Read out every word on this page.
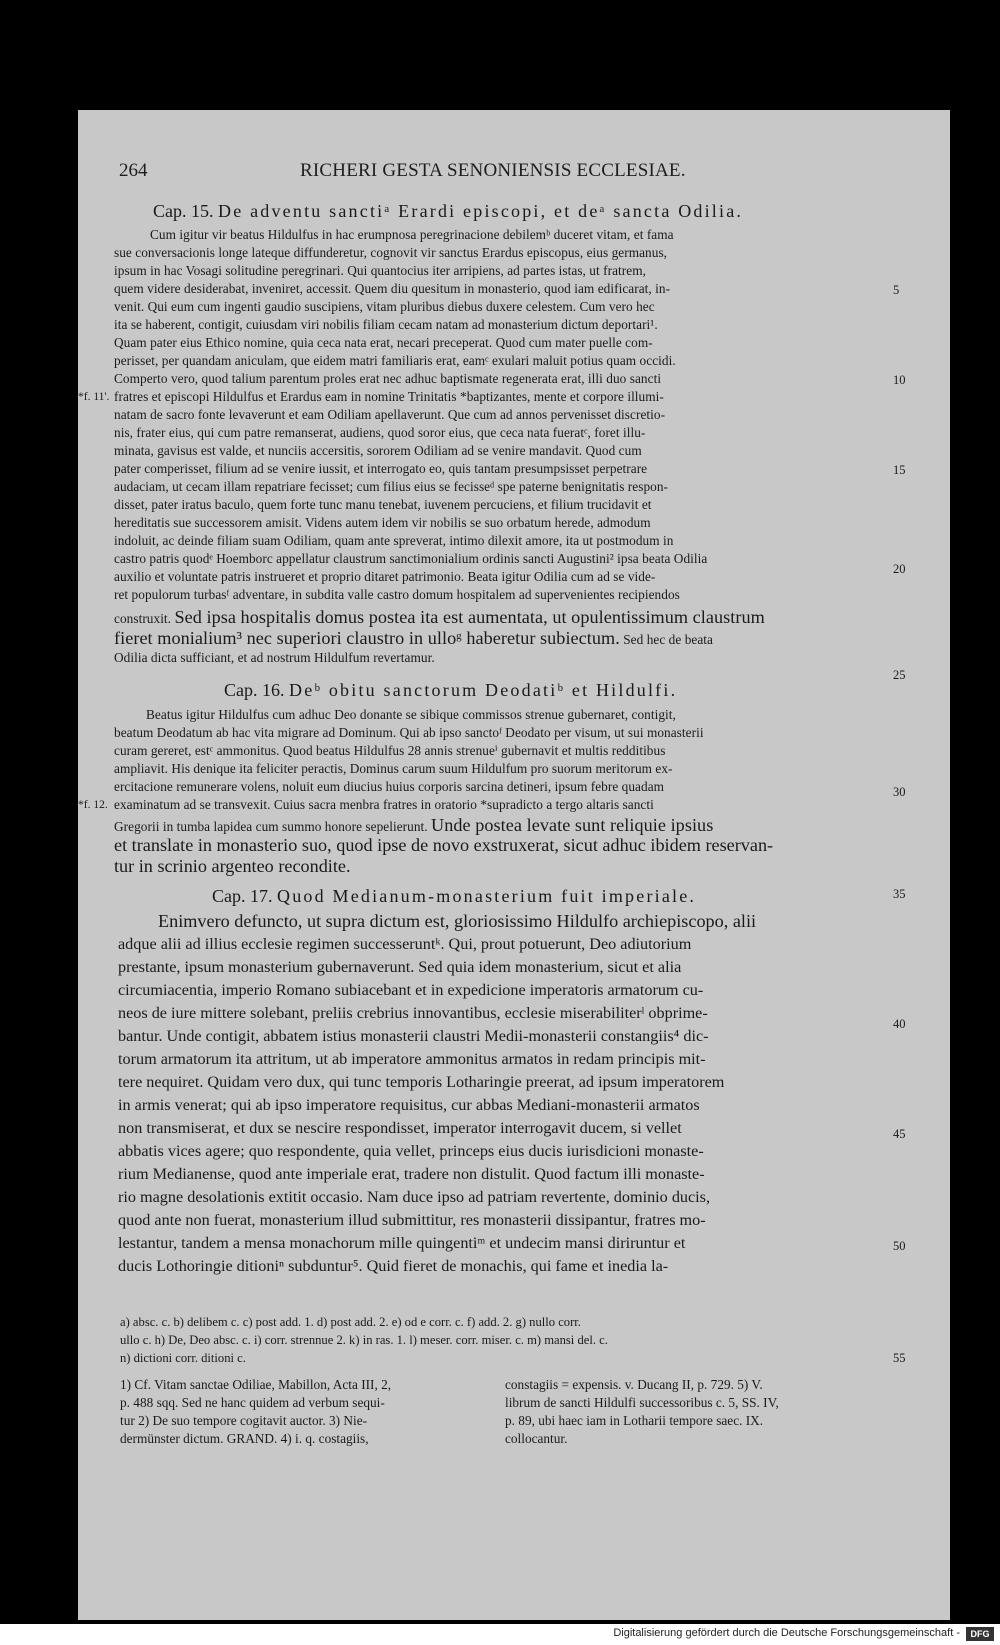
264	RICHERI GESTA SENONIENSIS ECCLESIAE.
Cap. 15. De adventu sanctiᵃ Erardi episcopi, et deᵃ sancta Odilia.
Cum igitur vir beatus Hildulfus in hac erumpnosa peregrinacione debilemᵇ duceret vitam, et fama
sue conversacionis longe lateque diffunderetur, cognovit vir sanctus Erardus episcopus, eius germanus,
ipsum in hac Vosagi solitudine peregrinari. Qui quantocius iter arripiens, ad partes istas, ut fratrem,
quem videre desiderabat, inveniret, accessit. Quem diu quesitum in monasterio, quod iam edificarat, in-
venit. Qui eum cum ingenti gaudio suscipiens, vitam pluribus diebus duxere celestem. Cum vero hec
ita se haberent, contigit, cuiusdam viri nobilis filiam cecam natam ad monasterium dictum deportari¹.
Quam pater eius Ethico nomine, quia ceca nata erat, necari preceperat. Quod cum mater puelle com-
perisset, per quandam aniculam, que eidem matri familiaris erat, eamᶜ exulari maluit potius quam occidi.
Comperto vero, quod talium parentum proles erat nec adhuc baptismate regenerata erat, illi duo sancti
fratres et episcopi Hildulfus et Erardus eam in nomine Trinitatis *baptizantes, mente et corpore illumi-
natam de sacro fonte levaverunt et eam Odiliam apellaverunt. Que cum ad annos pervenisset discretio-
nis, frater eius, qui cum patre remanserat, audiens, quod soror eius, que ceca nata fueratᶜ, foret illu-
minata, gavisus est valde, et nunciis accersitis, sororem Odiliam ad se venire mandavit. Quod cum
pater comperisset, filium ad se venire iussit, et interrogato eo, quis tantam presumpsisset perpetrare
audaciam, ut cecam illam repatriare fecisset; cum filius eius se fecisseᵈ spe paterne benignitatis respon-
disset, pater iratus baculo, quem forte tunc manu tenebat, iuvenem percuciens, et filium trucidavit et
hereditatis sue successorem amisit. Videns autem idem vir nobilis se suo orbatum herede, admodum
indoluit, ac deinde filiam suam Odiliam, quam ante spreverat, intimo dilexit amore, ita ut postmodum in
castro patris quodᵉ Hoemborc appellatur claustrum sanctimonialium ordinis sancti Augustini² ipsa beata Odilia
auxilio et voluntate patris instrueret et proprio ditaret patrimonio. Beata igitur Odilia cum ad se vide-
ret populorum turbasᶠ adventare, in subdita valle castro domum hospitalem ad supervenientes recipiendos
construxit. Sed ipsa hospitalis domus postea ita est aumentata, ut opulentissimum claustrum
fieret monialium³ nec superiori claustro in ulloᵍ haberetur subiectum. Sed hec de beata
Odilia dicta sufficiant, et ad nostrum Hildulfum revertamur.
Cap. 16. Deᵇ obitu sanctorum Deodatiᵇ et Hildulfi.
Beatus igitur Hildulfus cum adhuc Deo donante se sibique commissos strenue gubernaret, contigit,
beatum Deodatum ab hac vita migrare ad Dominum. Qui ab ipso sanctoᶠ Deodato per visum, ut sui monasterii
curam gereret, estᶜ ammonitus. Quod beatus Hildulfus 28 annis strenueⁱ gubernavit et multis redditibus
ampliavit. His denique ita feliciter peractis, Dominus carum suum Hildulfum pro suorum meritorum ex-
ercitacione remunerare volens, noluit eum diucius huius corporis sarcina detineri, ipsum febre quadam
examinatum ad se transvexit. Cuius sacra menbra fratres in oratorio *supradicto a tergo altaris sancti
Gregorii in tumba lapidea cum summo honore sepelierunt. Unde postea levate sunt reliquie ipsius
et translate in monasterio suo, quod ipse de novo exstruxerat, sicut adhuc ibidem reservan-
tur in scrinio argenteo recondite.
Cap. 17. Quod Medianum-monasterium fuit imperiale.
Enimvero defuncto, ut supra dictum est, gloriosissimo Hildulfo archiepiscopo, alii
adque alii ad illius ecclesie regimen successeruntᵏ. Qui, prout potuerunt, Deo adiutorium
prestante, ipsum monasterium gubernaverunt. Sed quia idem monasterium, sicut et alia
circumiacentia, imperio Romano subiacebant et in expedicione imperatoris armatorum cu-
neos de iure mittere solebant, preliis crebrius innovantibus, ecclesie miserabiliterˡ obprime-
bantur. Unde contigit, abbatem istius monasterii claustri Medii-monasterii constangiis⁴ dic-
torum armatorum ita attritum, ut ab imperatore ammonitus armatos in redam principis mit-
tere nequiret. Quidam vero dux, qui tunc temporis Lotharingie preerat, ad ipsum imperatorem
in armis venerat; qui ab ipso imperatore requisitus, cur abbas Mediani-monasterii armatos
non transmiserat, et dux se nescire respondisset, imperator interrogavit ducem, si vellet
abbatis vices agere; quo respondente, quia vellet, princeps eius ducis iurisdicioni monaste-
rium Medianense, quod ante imperiale erat, tradere non distulit. Quod factum illi monaste-
rio magne desolationis extitit occasio. Nam duce ipso ad patriam revertente, dominio ducis,
quod ante non fuerat, monasterium illud submittitur, res monasterii dissipantur, fratres mo-
lestantur, tandem a mensa monachorum mille quingentiᵐ et undecim mansi diriruntur et
ducis Lothoringie ditioniⁿ subduntur⁵. Quid fieret de monachis, qui fame et inedia la-
5
10
15
20
25
30
35
40
45
50
55
*f. 11'.
*f. 12.
a) absc. c. b) delibem c. c) post add. 1. d) post add. 2. e) od e corr. c. f) add. 2. g) nullo corr.
ullo c. h) De, Deo absc. c. i) corr. strennue 2. k) in ras. 1. l) meser. corr. miser. c. m) mansi del. c.
n) dictioni corr. ditioni c.
1) Cf. Vitam sanctae Odiliae, Mabillon, Acta III, 2,
p. 488 sqq. Sed ne hanc quidem ad verbum sequi-
tur 2) De suo tempore cogitavit auctor. 3) Nie-
dermünster dictum. GRAND. 4) i. q. costagiis,
constagiis = expensis. v. Ducang II, p. 729. 5) V.
librum de sancti Hildulfi successoribus c. 5, SS. IV,
p. 89, ubi haec iam in Lotharii tempore saec. IX.
collocantur.
Digitalisierung gefördert durch die Deutsche Forschungsgemeinschaft -	DFG
